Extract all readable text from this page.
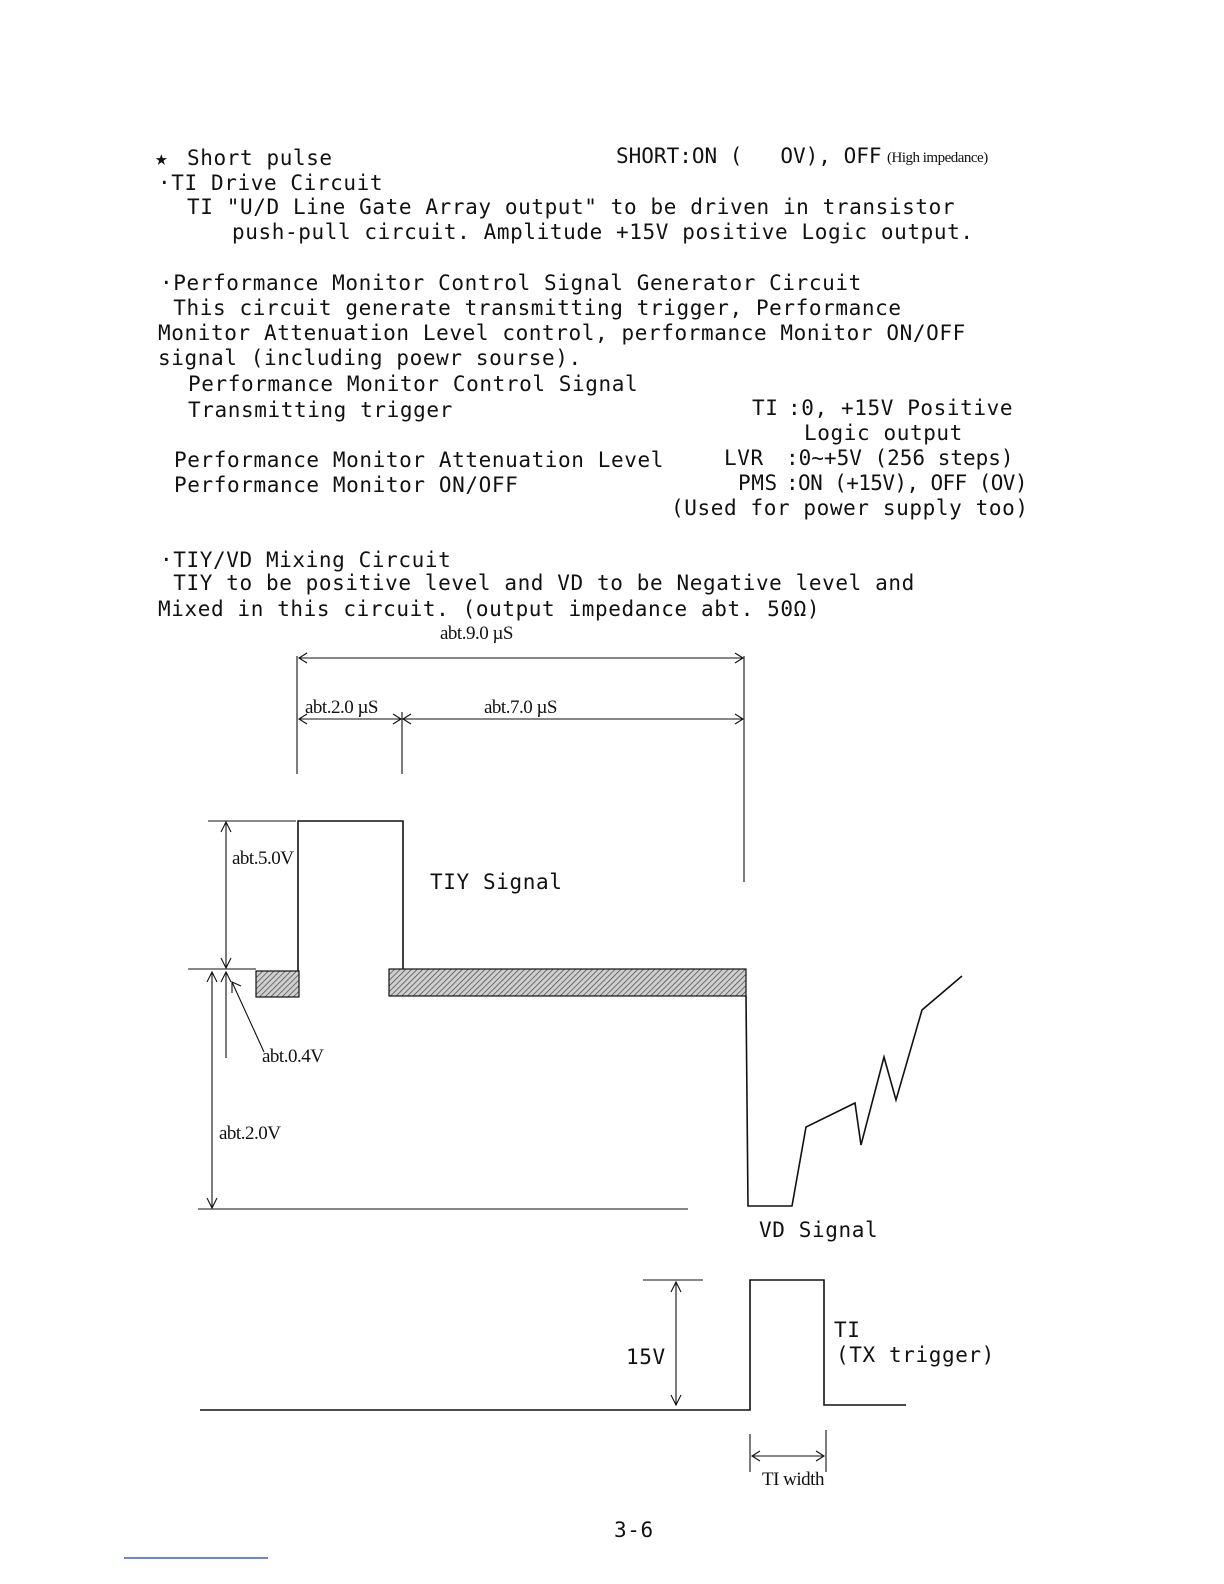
★ Short pulse	SHORT:ON (   OV), OFF (High impedance)
·TI Drive Circuit
TI "U/D Line Gate Array output" to be driven in transistor
push-pull circuit. Amplitude +15V positive Logic output.
·Performance Monitor Control Signal Generator Circuit
This circuit generate transmitting trigger, Performance
Monitor Attenuation Level control, performance Monitor ON/OFF
signal (including poewr sourse).
Performance Monitor Control Signal
Transmitting trigger	TI :0, +15V Positive
Logic output
Performance Monitor Attenuation Level	LVR :0~+5V (256 steps)
Performance Monitor ON/OFF	PMS :ON (+15V), OFF (OV)
(Used for power supply too)
·TIY/VD Mixing Circuit
TIY to be positive level and VD to be Negative level and
Mixed in this circuit. (output impedance abt. 50Ω)
abt.9.0 µS
abt.2.0 µS	abt.7.0 µS
abt.5.0V
abt.0.4V
abt.2.0V
TIY Signal
VD Signal
15V
TI
(TX trigger)
TI width
3-6
